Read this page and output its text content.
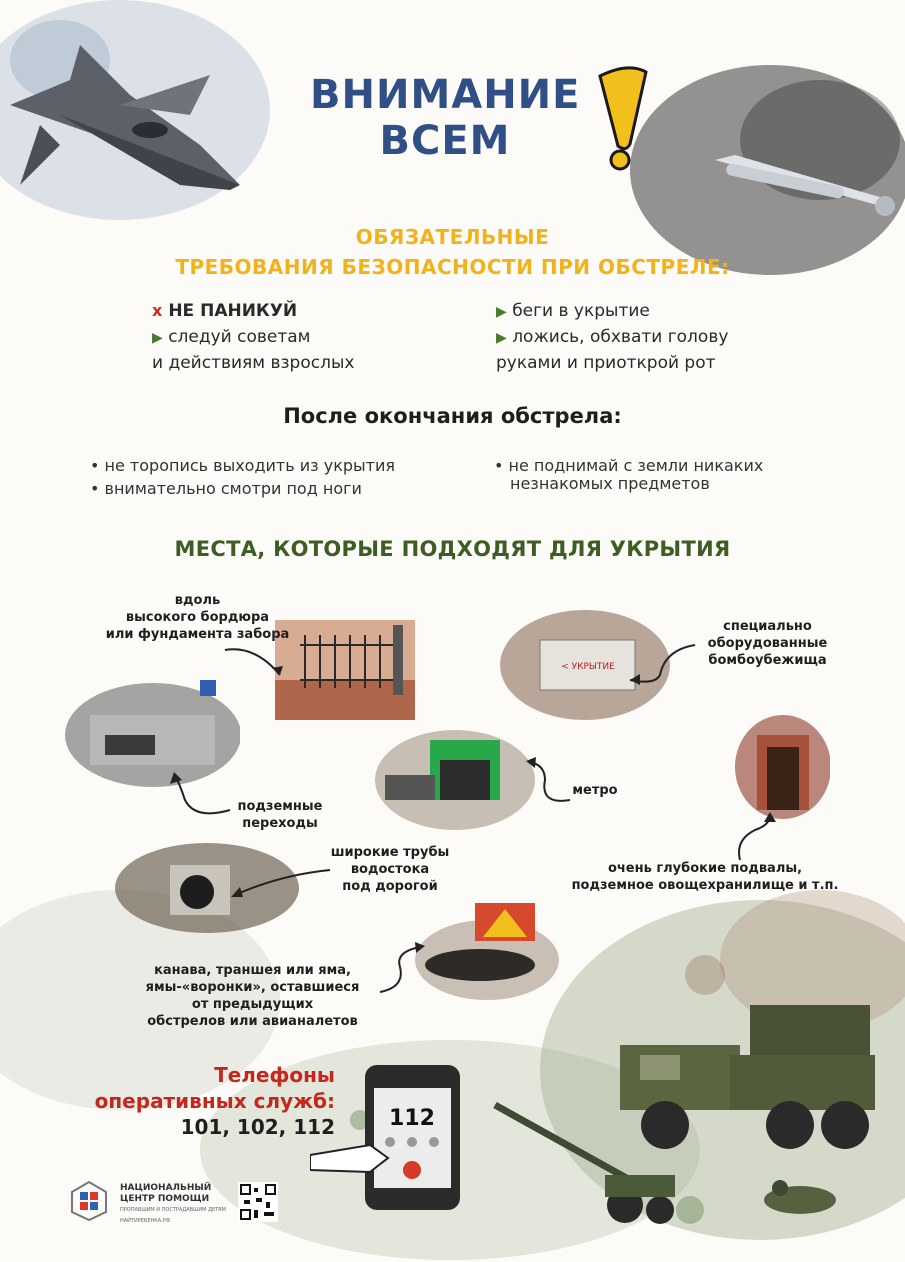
ВНИМАНИЕ
ВСЕМ
ОБЯЗАТЕЛЬНЫЕ
ТРЕБОВАНИЯ БЕЗОПАСНОСТИ ПРИ ОБСТРЕЛЕ:
x НЕ ПАНИКУЙ
▶ следуй советам
и действиям взрослых
▶ беги в укрытие
▶ ложись, обхвати голову
руками и приоткрой рот
После окончания обстрела:
• не торопись выходить из укрытия
• внимательно смотри под ноги
• не поднимай с земли никаких
незнакомых предметов
МЕСТА, КОТОРЫЕ ПОДХОДЯТ ДЛЯ УКРЫТИЯ
вдоль
высокого бордюра
или фундамента забора
< УКРЫТИЕ
специально
оборудованные
бомбоубежища
подземные
переходы
метро
очень глубокие подвалы,
подземное овощехранилище и т.п.
широкие трубы
водостока
под дорогой
канава, траншея или яма,
ямы-«воронки», оставшиеся
от предыдущих
обстрелов или авианалетов
Телефоны
оперативных служб:
101, 102, 112 112
НАЦИОНАЛЬНЫЙ
ЦЕНТР ПОМОЩИ
ПРОПАВШИМ И ПОСТРАДАВШИМ ДЕТЯМ
НАЙТИРЕБЕНКА.РФ
